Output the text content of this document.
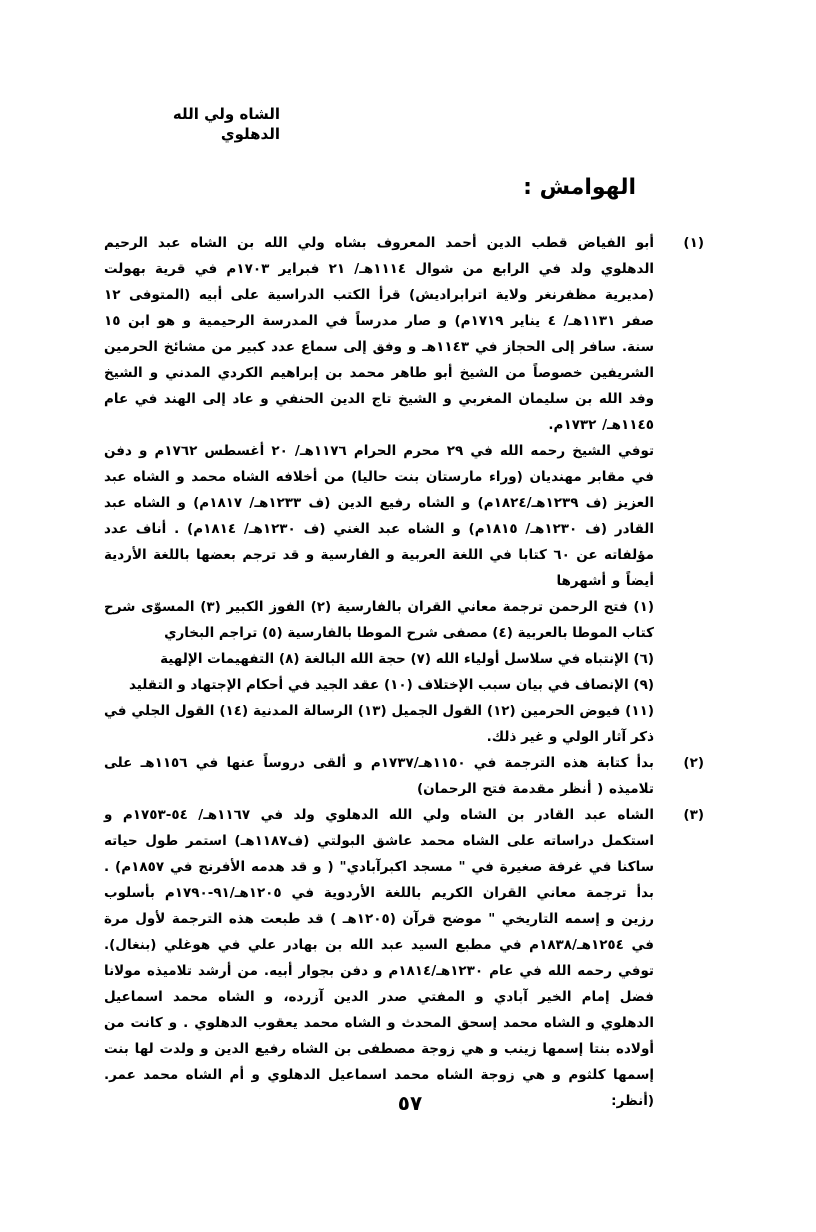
الشاه ولي الله الدهلوي
الهوامش :
(١)

أبو الفياض قطب الدين أحمد المعروف بشاه ولي الله بن الشاه عبد الرحيم الدهلوي ولد في الرابع من شوال ١١١٤هـ/ ٢١ فبراير ١٧٠٣م في قرية بهولت (مديرية مظفرنغر ولاية اترابراديش) قرأ الكتب الدراسية على أبيه (المتوفى ١٢ صفر ١١٣١هـ/ ٤ يناير ١٧١٩م) و صار مدرساً في المدرسة الرحيمية و هو ابن ١٥ سنة. سافر إلى الحجاز في ١١٤٣هـ و وفق إلى سماع عدد كبير من مشائخ الحرمين الشريفين خصوصاً من الشيخ أبو طاهر محمد بن إبراهيم الكردي المدني و الشيخ وفد الله بن سليمان المغربي و الشيخ تاج الدين الحنفي و عاد إلى الهند في عام ١١٤٥هـ/ ١٧٣٢م.

توفي الشيخ رحمه الله في ٢٩ محرم الحرام ١١٧٦هـ/ ٢٠ أغسطس ١٧٦٢م و دفن في مقابر مهنديان (وراء مارستان بنت حاليا) من أخلافه الشاه محمد و الشاه عبد العزيز (ف ١٢٣٩هـ/١٨٢٤م) و الشاه رفيع الدين (ف ١٢٣٣هـ/ ١٨١٧م) و الشاه عبد القادر (ف ١٢٣٠هـ/ ١٨١٥م) و الشاه عبد الغني (ف ١٢٣٠هـ/ ١٨١٤م) . أناف عدد مؤلفاته عن ٦٠ كتابا في اللغة العربية و الفارسية و قد ترجم بعضها باللغة الأردية أيضاً و أشهرها

(١) فتح الرحمن ترجمة معاني القران بالفارسية (٢) الفوز الكبير (٣) المسوّى شرح كتاب الموطا بالعربية (٤) مصفى شرح الموطا بالفارسية (٥) تراجم البخاري
(٦) الإنتباه في سلاسل أولياء الله (٧) حجة الله البالغة (٨) التفهيمات الإلهية
(٩) الإنصاف في بيان سبب الإختلاف (١٠) عقد الجيد في أحكام الإجتهاد و التقليد
(١١) فيوض الحرمين (١٢) القول الجميل (١٣) الرسالة المدنية (١٤) القول الجلي في ذكر آثار الولي و غير ذلك.
(٢)

بدأ كتابة هذه الترجمة في ١١٥٠هـ/١٧٣٧م و ألقى دروساً عنها في ١١٥٦هـ على تلاميذه ( أنظر مقدمة فتح الرحمان)

(٣)

الشاه عبد القادر بن الشاه ولي الله الدهلوي ولد في ١١٦٧هـ/ ٥٤-١٧٥٣م و استكمل دراساته على الشاه محمد عاشق البولتي (ف١١٨٧هـ) استمر طول حياته ساكنا في غرفة صغيرة في " مسجد اكبرآبادي" ( و قد هدمه الأفرنج في ١٨٥٧م) . بدأ ترجمة معاني القران الكريم باللغة الأردوية في ١٢٠٥هـ/٩١-١٧٩٠م بأسلوب رزين و إسمه التاريخي " موضح قرآن (١٢٠٥هـ ) قد طبعت هذه الترجمة لأول مرة في ١٢٥٤هـ/١٨٣٨م في مطبع السيد عبد الله بن بهادر علي في هوغلي (بنغال). توفي رحمه الله في عام ١٢٣٠هـ/١٨١٤م و دفن بجوار أبيه. من أرشد تلاميذه مولانا فضل إمام الخير آبادي و المفتي صدر الدين آزرده، و الشاه محمد اسماعيل الدهلوي و الشاه محمد إسحق المحدث و الشاه محمد يعقوب الدهلوي . و كانت من أولاده بنتا إسمها زينب و هي زوجة مصطفى بن الشاه رفيع الدين و ولدت لها بنت إسمها كلثوم و هي زوجة الشاه محمد اسماعيل الدهلوي و أم الشاه محمد عمر. (أنظر:

٥٧
